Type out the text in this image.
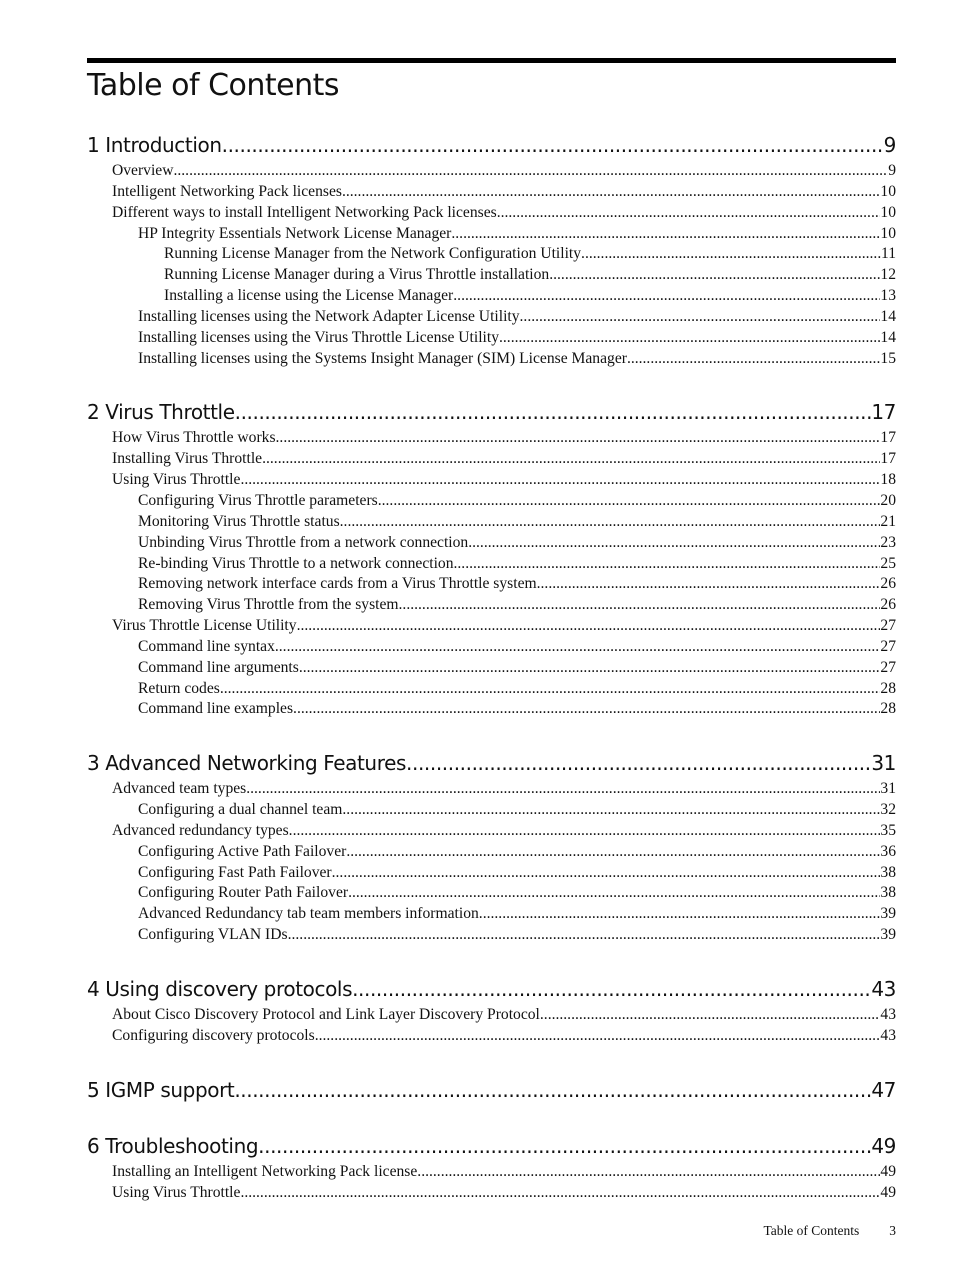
Table of Contents
1 Introduction .....	9
Overview .....	9
Intelligent Networking Pack licenses .....	10
Different ways to install Intelligent Networking Pack licenses .....	10
HP Integrity Essentials Network License Manager .....	10
Running License Manager from the Network Configuration Utility .....	11
Running License Manager during a Virus Throttle installation .....	12
Installing a license using the License Manager .....	13
Installing licenses using the Network Adapter License Utility .....	14
Installing licenses using the Virus Throttle License Utility .....	14
Installing licenses using the Systems Insight Manager (SIM) License Manager .....	15
2 Virus Throttle .....	17
How Virus Throttle works .....	17
Installing Virus Throttle .....	17
Using Virus Throttle .....	18
Configuring Virus Throttle parameters .....	20
Monitoring Virus Throttle status .....	21
Unbinding Virus Throttle from a network connection .....	23
Re-binding Virus Throttle to a network connection .....	25
Removing network interface cards from a Virus Throttle system .....	26
Removing Virus Throttle from the system .....	26
Virus Throttle License Utility .....	27
Command line syntax .....	27
Command line arguments .....	27
Return codes .....	28
Command line examples .....	28
3 Advanced Networking Features .....	31
Advanced team types .....	31
Configuring a dual channel team .....	32
Advanced redundancy types .....	35
Configuring Active Path Failover .....	36
Configuring Fast Path Failover .....	38
Configuring Router Path Failover .....	38
Advanced Redundancy tab team members information .....	39
Configuring VLAN IDs .....	39
4 Using discovery protocols .....	43
About Cisco Discovery Protocol and Link Layer Discovery Protocol .....	43
Configuring discovery protocols .....	43
5 IGMP support .....	47
6 Troubleshooting .....	49
Installing an Intelligent Networking Pack license .....	49
Using Virus Throttle .....	49
Table of Contents 3
